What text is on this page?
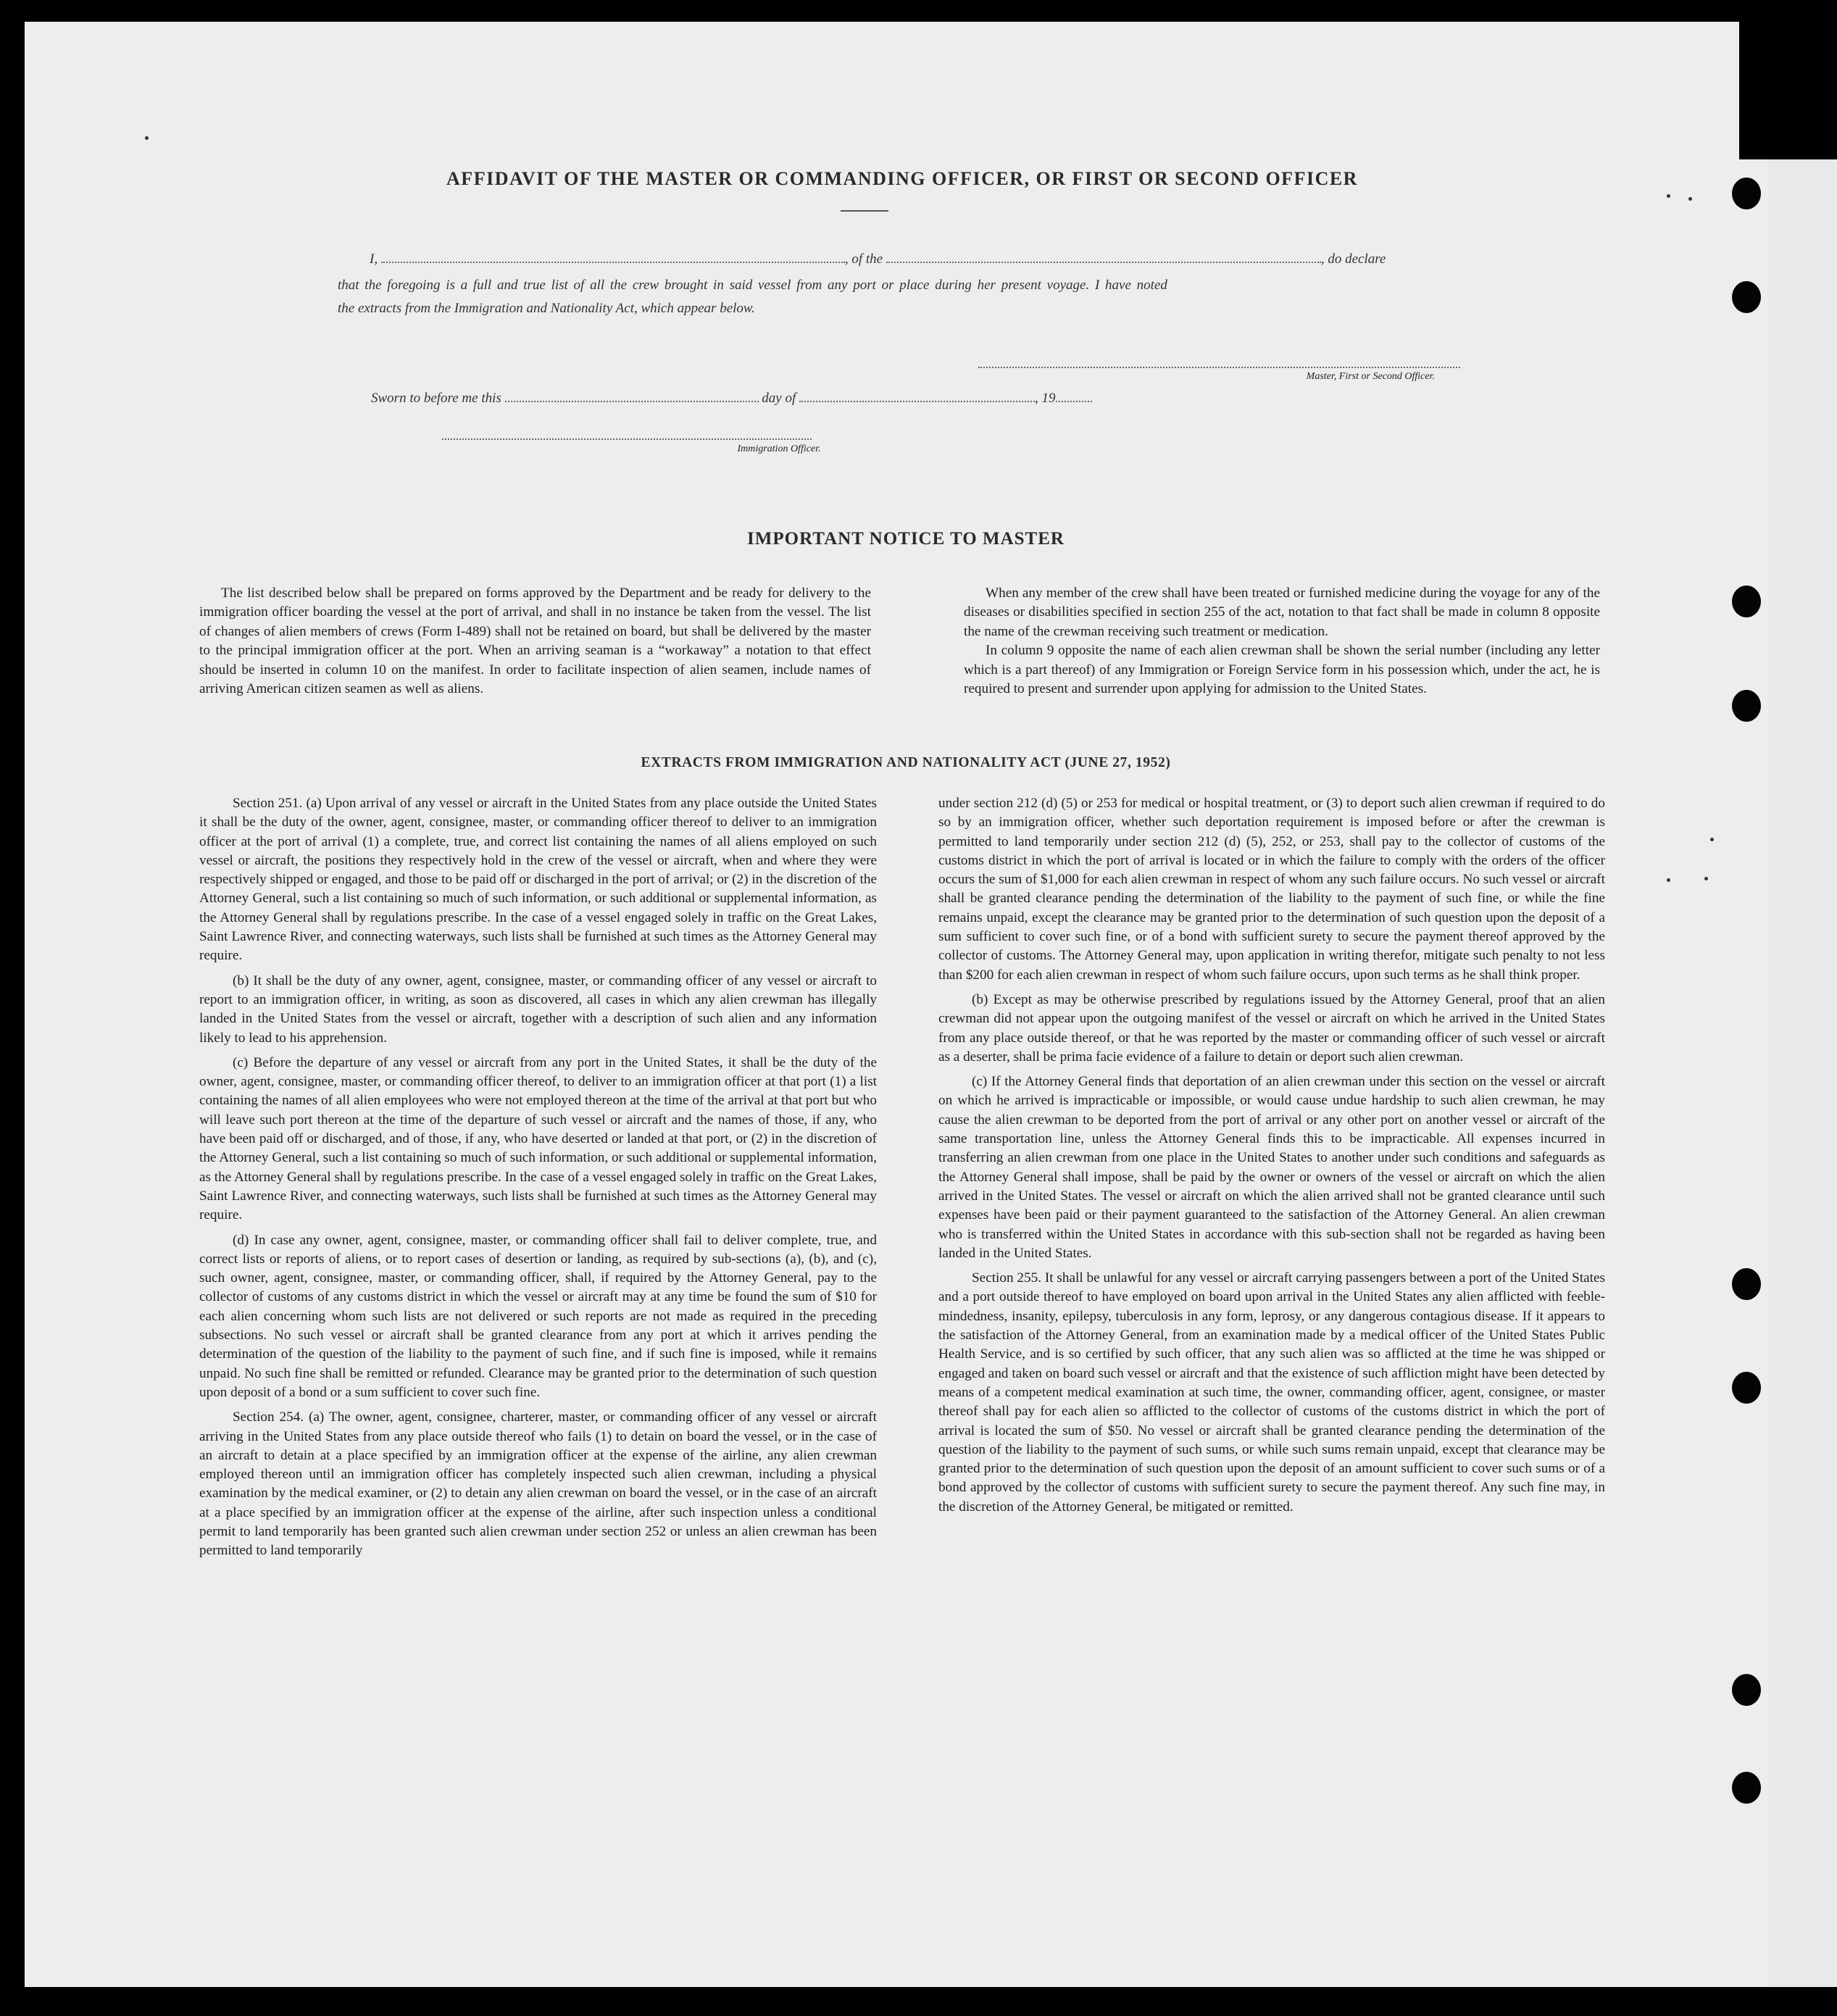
AFFIDAVIT OF THE MASTER OR COMMANDING OFFICER, OR FIRST OR SECOND OFFICER
I,	, of the	, do declare
that the foregoing is a full and true list of all the crew brought in said vessel from any port or place during her present voyage. I have noted
the extracts from the Immigration and Nationality Act, which appear below.
Master, First or Second Officer.
Sworn to before me this	day of	, 19
Immigration Officer.
IMPORTANT NOTICE TO MASTER

The list described below shall be prepared on forms approved by the Department and be ready for delivery to the immigration officer boarding the vessel at the port of arrival, and shall in no instance be taken from the vessel. The list of changes of alien members of crews (Form I-489) shall not be retained on board, but shall be delivered by the master to the principal immigration officer at the port. When an arriving seaman is a “workaway” a notation to that effect should be inserted in column 10 on the manifest. In order to facilitate inspection of alien seamen, include names of arriving American citizen seamen as well as aliens.

When any member of the crew shall have been treated or furnished medicine during the voyage for any of the diseases or disabilities specified in section 255 of the act, notation to that fact shall be made in column 8 opposite the name of the crewman receiving such treatment or medication.

In column 9 opposite the name of each alien crewman shall be shown the serial number (including any letter which is a part thereof) of any Immigration or Foreign Service form in his possession which, under the act, he is required to present and surrender upon applying for admission to the United States.

EXTRACTS FROM IMMIGRATION AND NATIONALITY ACT (JUNE 27, 1952)

Section 251. (a) Upon arrival of any vessel or aircraft in the United States from any place outside the United States it shall be the duty of the owner, agent, consignee, master, or commanding officer thereof to deliver to an immigration officer at the port of arrival (1) a complete, true, and correct list containing the names of all aliens employed on such vessel or aircraft, the positions they respectively hold in the crew of the vessel or aircraft, when and where they were respectively shipped or engaged, and those to be paid off or discharged in the port of arrival; or (2) in the discretion of the Attorney General, such a list containing so much of such information, or such additional or supplemental information, as the Attorney General shall by regulations prescribe. In the case of a vessel engaged solely in traffic on the Great Lakes, Saint Lawrence River, and connecting waterways, such lists shall be furnished at such times as the Attorney General may require.

(b) It shall be the duty of any owner, agent, consignee, master, or commanding officer of any vessel or aircraft to report to an immigration officer, in writing, as soon as discovered, all cases in which any alien crewman has illegally landed in the United States from the vessel or aircraft, together with a description of such alien and any information likely to lead to his apprehension.

(c) Before the departure of any vessel or aircraft from any port in the United States, it shall be the duty of the owner, agent, consignee, master, or commanding officer thereof, to deliver to an immigration officer at that port (1) a list containing the names of all alien employees who were not employed thereon at the time of the arrival at that port but who will leave such port thereon at the time of the departure of such vessel or aircraft and the names of those, if any, who have been paid off or discharged, and of those, if any, who have deserted or landed at that port, or (2) in the discretion of the Attorney General, such a list containing so much of such information, or such additional or supplemental information, as the Attorney General shall by regulations prescribe. In the case of a vessel engaged solely in traffic on the Great Lakes, Saint Lawrence River, and connecting waterways, such lists shall be furnished at such times as the Attorney General may require.

(d) In case any owner, agent, consignee, master, or commanding officer shall fail to deliver complete, true, and correct lists or reports of aliens, or to report cases of desertion or landing, as required by sub-sections (a), (b), and (c), such owner, agent, consignee, master, or commanding officer, shall, if required by the Attorney General, pay to the collector of customs of any customs district in which the vessel or aircraft may at any time be found the sum of $10 for each alien concerning whom such lists are not delivered or such reports are not made as required in the preceding subsections. No such vessel or aircraft shall be granted clearance from any port at which it arrives pending the determination of the question of the liability to the payment of such fine, and if such fine is imposed, while it remains unpaid. No such fine shall be remitted or refunded. Clearance may be granted prior to the determination of such question upon deposit of a bond or a sum sufficient to cover such fine.

Section 254. (a) The owner, agent, consignee, charterer, master, or commanding officer of any vessel or aircraft arriving in the United States from any place outside thereof who fails (1) to detain on board the vessel, or in the case of an aircraft to detain at a place specified by an immigration officer at the expense of the airline, any alien crewman employed thereon until an immigration officer has completely inspected such alien crewman, including a physical examination by the medical examiner, or (2) to detain any alien crewman on board the vessel, or in the case of an aircraft at a place specified by an immigration officer at the expense of the airline, after such inspection unless a conditional permit to land temporarily has been granted such alien crewman under section 252 or unless an alien crewman has been permitted to land temporarily

under section 212 (d) (5) or 253 for medical or hospital treatment, or (3) to deport such alien crewman if required to do so by an immigration officer, whether such deportation requirement is imposed before or after the crewman is permitted to land temporarily under section 212 (d) (5), 252, or 253, shall pay to the collector of customs of the customs district in which the port of arrival is located or in which the failure to comply with the orders of the officer occurs the sum of $1,000 for each alien crewman in respect of whom any such failure occurs. No such vessel or aircraft shall be granted clearance pending the determination of the liability to the payment of such fine, or while the fine remains unpaid, except the clearance may be granted prior to the determination of such question upon the deposit of a sum sufficient to cover such fine, or of a bond with sufficient surety to secure the payment thereof approved by the collector of customs. The Attorney General may, upon application in writing therefor, mitigate such penalty to not less than $200 for each alien crewman in respect of whom such failure occurs, upon such terms as he shall think proper.

(b) Except as may be otherwise prescribed by regulations issued by the Attorney General, proof that an alien crewman did not appear upon the outgoing manifest of the vessel or aircraft on which he arrived in the United States from any place outside thereof, or that he was reported by the master or commanding officer of such vessel or aircraft as a deserter, shall be prima facie evidence of a failure to detain or deport such alien crewman.

(c) If the Attorney General finds that deportation of an alien crewman under this section on the vessel or aircraft on which he arrived is impracticable or impossible, or would cause undue hardship to such alien crewman, he may cause the alien crewman to be deported from the port of arrival or any other port on another vessel or aircraft of the same transportation line, unless the Attorney General finds this to be impracticable. All expenses incurred in transferring an alien crewman from one place in the United States to another under such conditions and safeguards as the Attorney General shall impose, shall be paid by the owner or owners of the vessel or aircraft on which the alien arrived in the United States. The vessel or aircraft on which the alien arrived shall not be granted clearance until such expenses have been paid or their payment guaranteed to the satisfaction of the Attorney General. An alien crewman who is transferred within the United States in accordance with this sub-section shall not be regarded as having been landed in the United States.

Section 255. It shall be unlawful for any vessel or aircraft carrying passengers between a port of the United States and a port outside thereof to have employed on board upon arrival in the United States any alien afflicted with feeble-mindedness, insanity, epilepsy, tuberculosis in any form, leprosy, or any dangerous contagious disease. If it appears to the satisfaction of the Attorney General, from an examination made by a medical officer of the United States Public Health Service, and is so certified by such officer, that any such alien was so afflicted at the time he was shipped or engaged and taken on board such vessel or aircraft and that the existence of such affliction might have been detected by means of a competent medical examination at such time, the owner, commanding officer, agent, consignee, or master thereof shall pay for each alien so afflicted to the collector of customs of the customs district in which the port of arrival is located the sum of $50. No vessel or aircraft shall be granted clearance pending the determination of the question of the liability to the payment of such sums, or while such sums remain unpaid, except that clearance may be granted prior to the determination of such question upon the deposit of an amount sufficient to cover such sums or of a bond approved by the collector of customs with sufficient surety to secure the payment thereof. Any such fine may, in the discretion of the Attorney General, be mitigated or remitted.
